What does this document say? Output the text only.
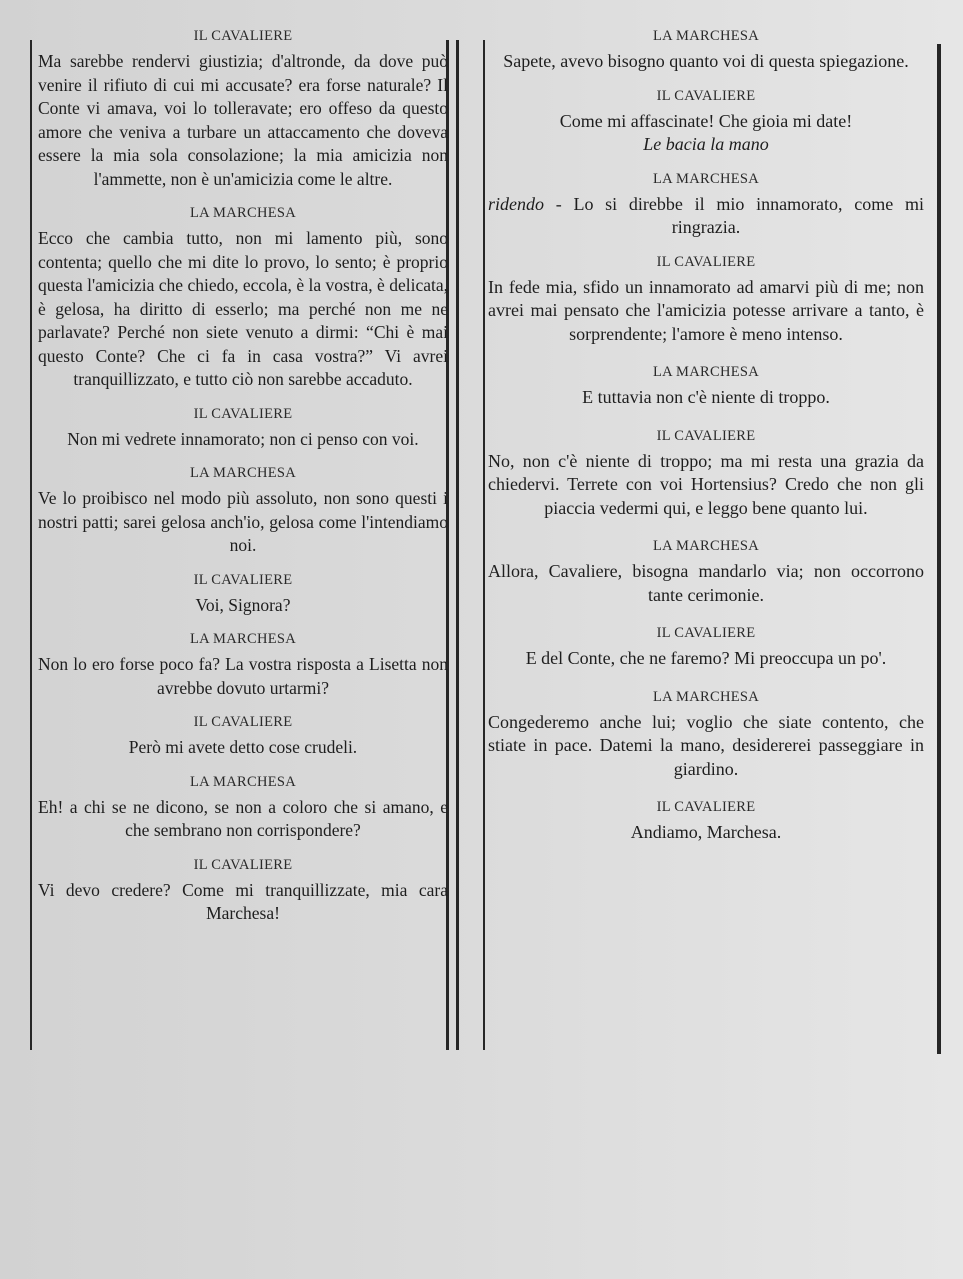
IL CAVALIERE
Ma sarebbe rendervi giustizia; d'altronde, da dove può venire il rifiuto di cui mi accusate? era forse naturale? Il Conte vi amava, voi lo tolleravate; ero offeso da questo amore che veniva a turbare un attaccamento che doveva essere la mia sola consolazione; la mia amicizia non l'ammette, non è un'amicizia come le altre.
LA MARCHESA
Ecco che cambia tutto, non mi lamento più, sono contenta; quello che mi dite lo provo, lo sento; è proprio questa l'amicizia che chiedo, eccola, è la vostra, è delicata, è gelosa, ha diritto di esserlo; ma perché non me ne parlavate? Perché non siete venuto a dirmi: “Chi è mai questo Conte? Che ci fa in casa vostra?” Vi avrei tranquillizzato, e tutto ciò non sarebbe accaduto.
IL CAVALIERE
Non mi vedrete innamorato; non ci penso con voi.
LA MARCHESA
Ve lo proibisco nel modo più assoluto, non sono questi i nostri patti; sarei gelosa anch'io, gelosa come l'intendiamo noi.
IL CAVALIERE
Voi, Signora?
LA MARCHESA
Non lo ero forse poco fa? La vostra risposta a Lisetta non avrebbe dovuto urtarmi?
IL CAVALIERE
Però mi avete detto cose crudeli.
LA MARCHESA
Eh! a chi se ne dicono, se non a coloro che si amano, e che sembrano non corrispondere?
IL CAVALIERE
Vi devo credere? Come mi tranquillizzate, mia cara Marchesa!
LA MARCHESA
Sapete, avevo bisogno quanto voi di questa spiegazione.
IL CAVALIERE
Come mi affascinate! Che gioia mi date!
Le bacia la mano
LA MARCHESA
ridendo - Lo si direbbe il mio innamorato, come mi ringrazia.
IL CAVALIERE
In fede mia, sfido un innamorato ad amarvi più di me; non avrei mai pensato che l'amicizia potesse arrivare a tanto, è sorprendente; l'amore è meno intenso.
LA MARCHESA
E tuttavia non c'è niente di troppo.
IL CAVALIERE
No, non c'è niente di troppo; ma mi resta una grazia da chiedervi. Terrete con voi Hortensius? Credo che non gli piaccia vedermi qui, e leggo bene quanto lui.
LA MARCHESA
Allora, Cavaliere, bisogna mandarlo via; non occorrono tante cerimonie.
IL CAVALIERE
E del Conte, che ne faremo? Mi preoccupa un po'.
LA MARCHESA
Congederemo anche lui; voglio che siate contento, che stiate in pace. Datemi la mano, desidererei passeggiare in giardino.
IL CAVALIERE
Andiamo, Marchesa.
